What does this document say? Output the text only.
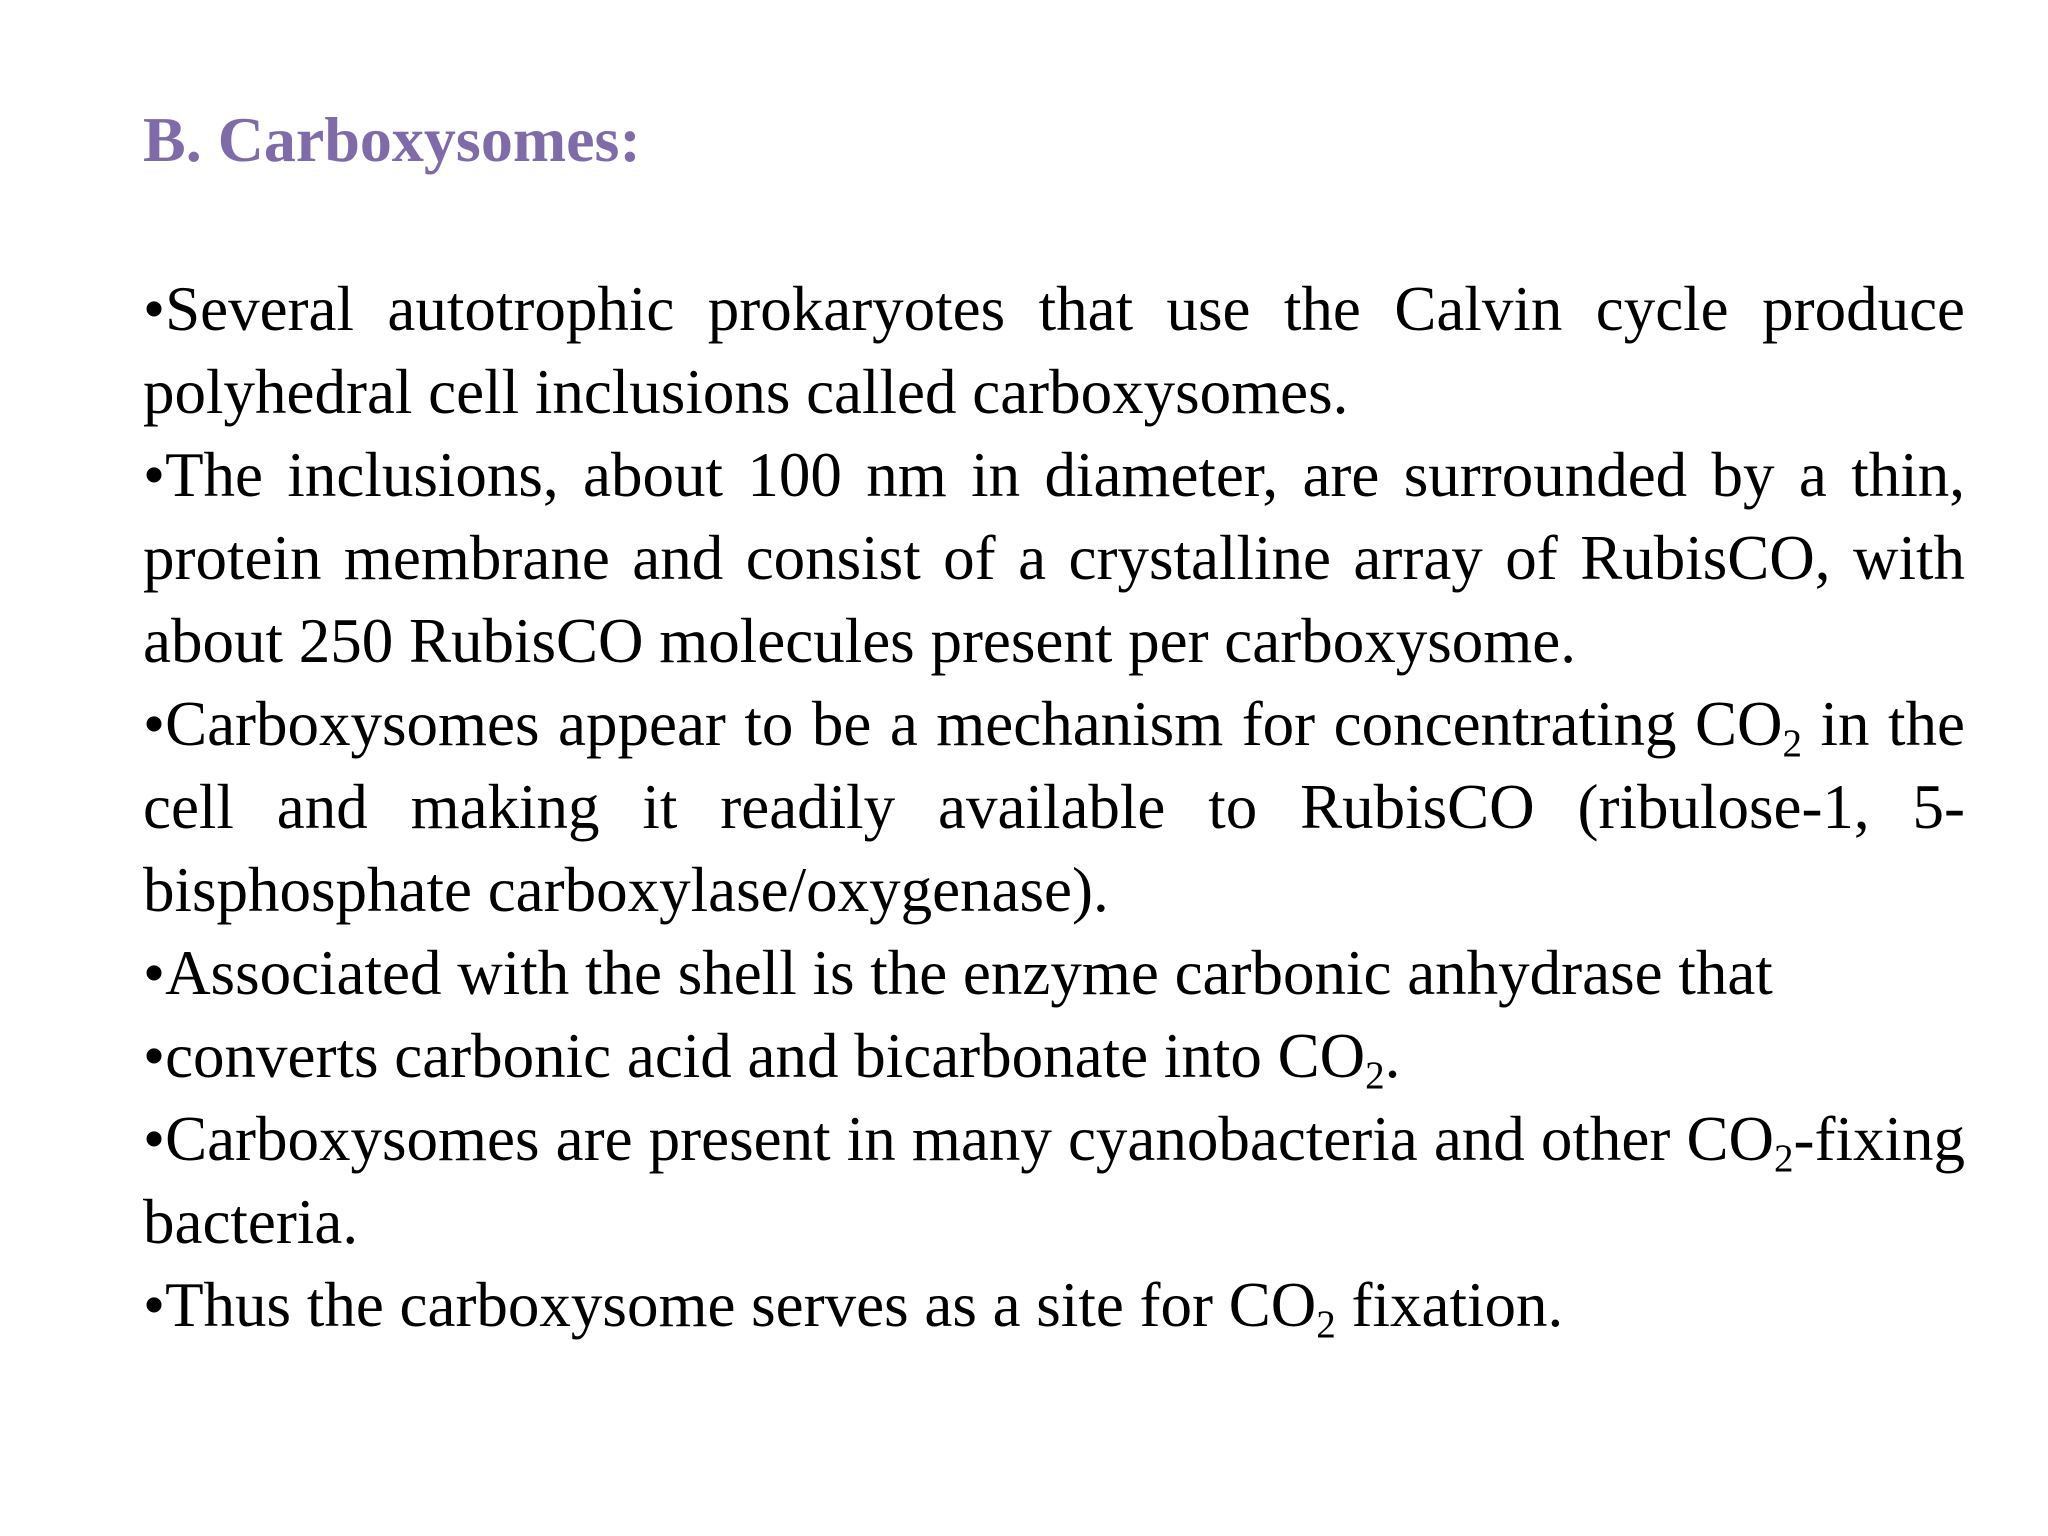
B. Carboxysomes:
•Several autotrophic prokaryotes that use the Calvin cycle produce polyhedral cell inclusions called carboxysomes.
•The inclusions, about 100 nm in diameter, are surrounded by a thin, protein membrane and consist of a crystalline array of RubisCO, with about 250 RubisCO molecules present per carboxysome.
•Carboxysomes appear to be a mechanism for concentrating $CO_2$ in the cell and making it readily available to RubisCO (ribulose-1, 5-bisphosphate carboxylase/oxygenase).
•Associated with the shell is the enzyme carbonic anhydrase that
•converts carbonic acid and bicarbonate into $CO_2$.
•Carboxysomes are present in many cyanobacteria and other $CO_2$-fixing bacteria.
•Thus the carboxysome serves as a site for $CO_2$ fixation.
